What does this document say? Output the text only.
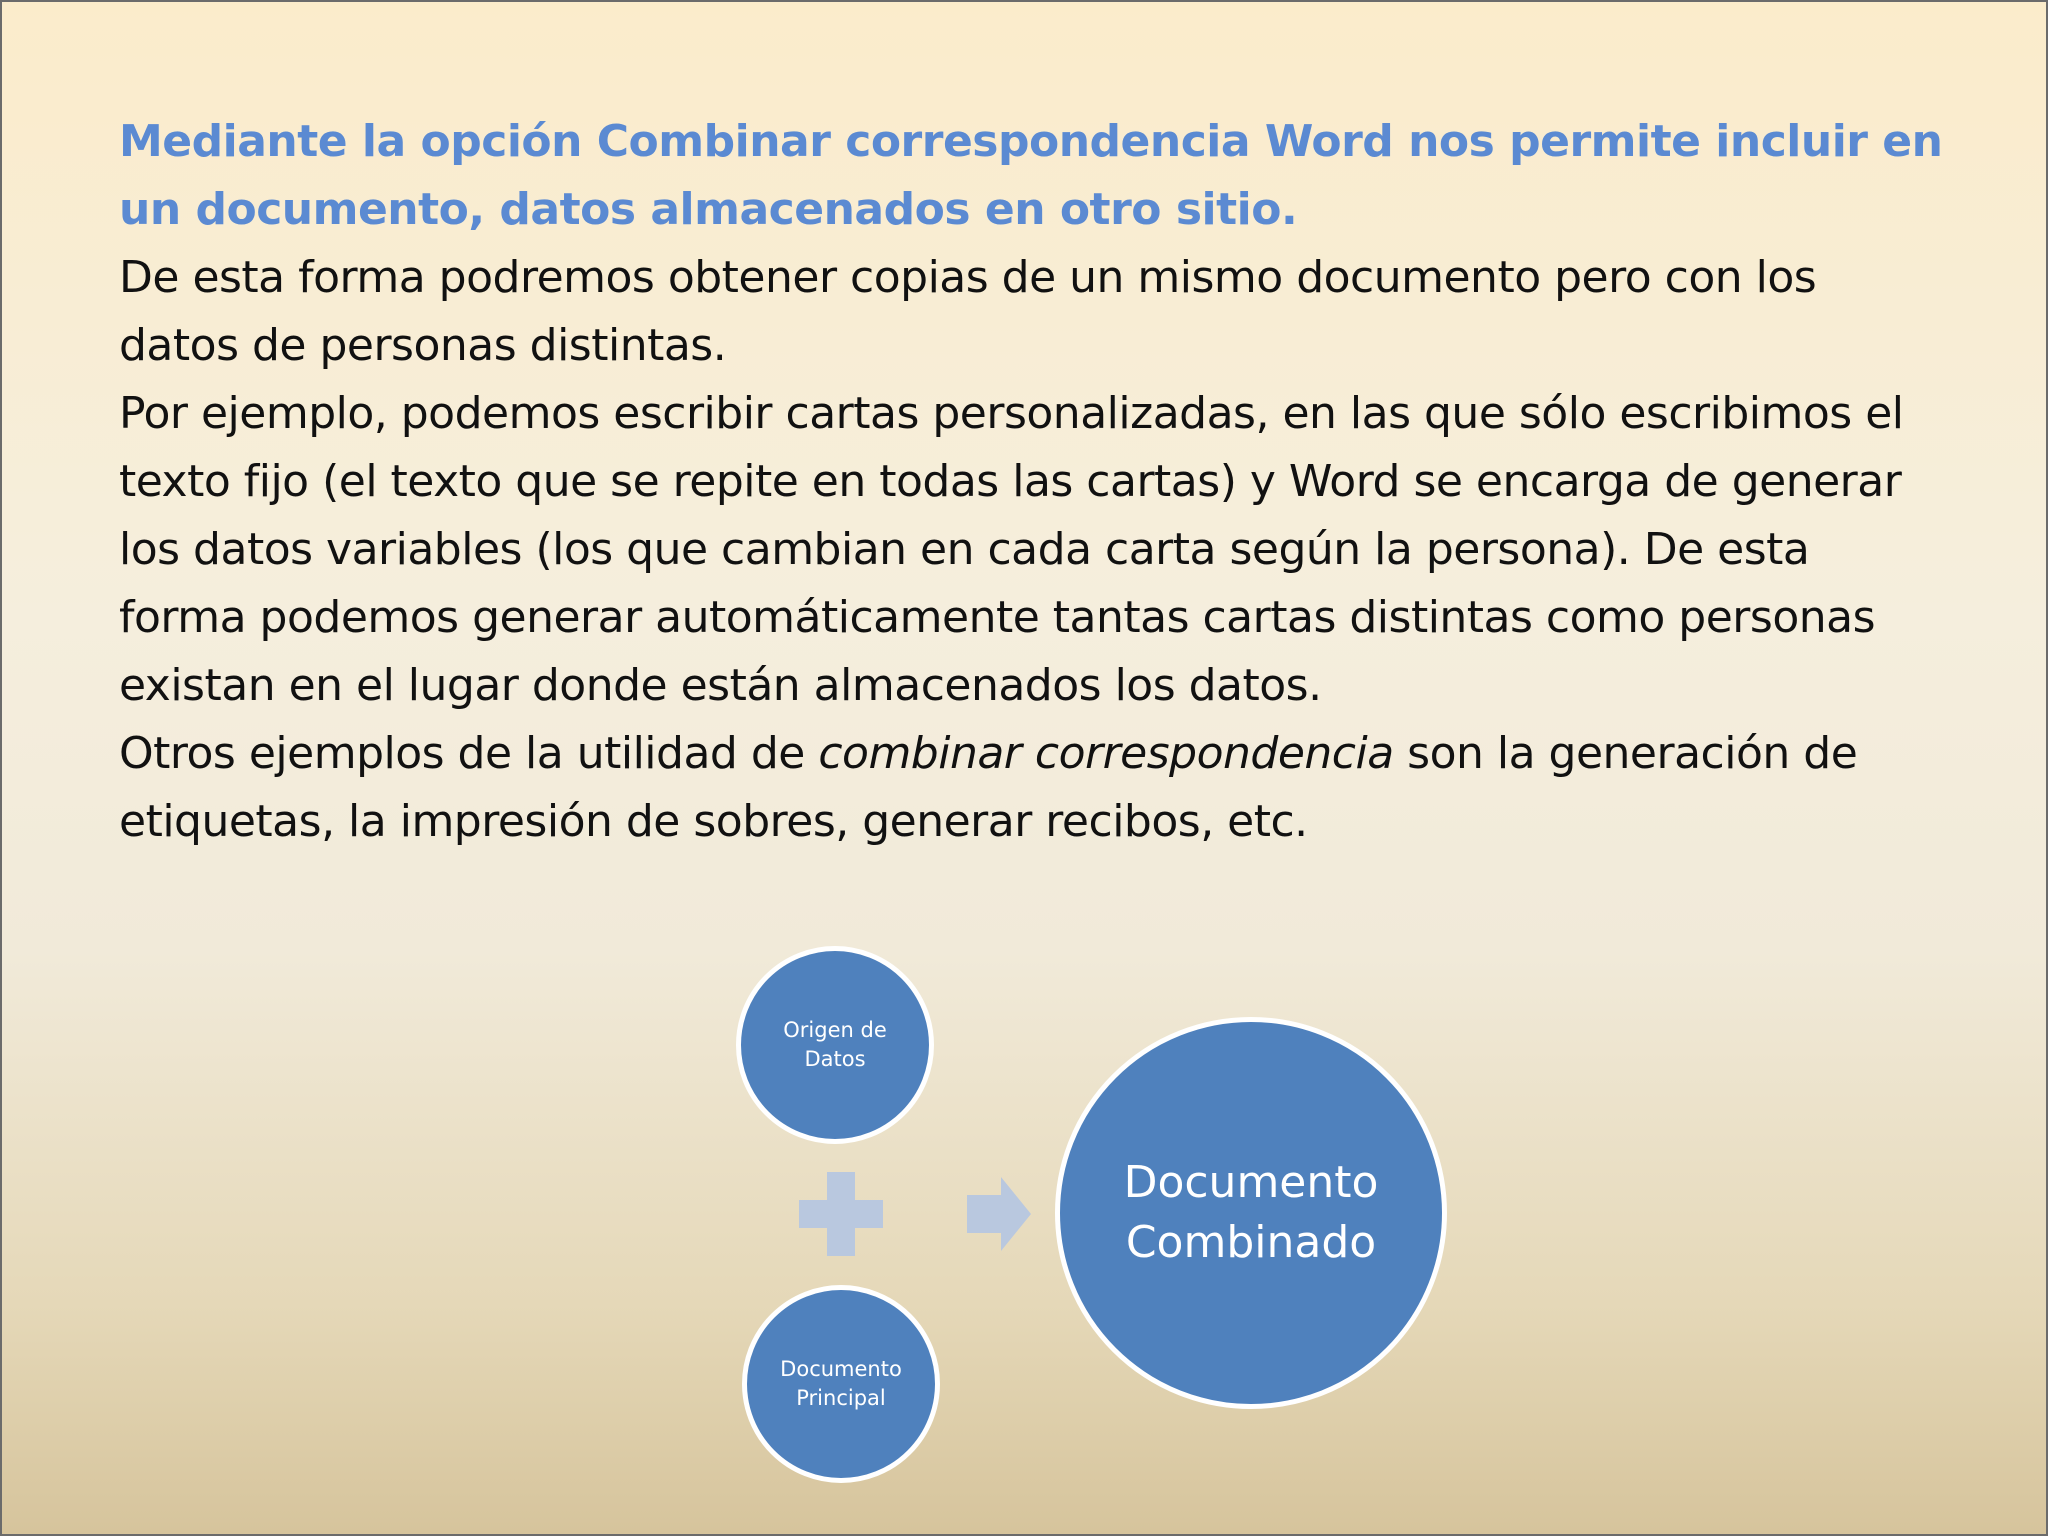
Mediante la opción Combinar correspondencia Word nos permite incluir en un documento, datos almacenados en otro sitio.

De esta forma podremos obtener copias de un mismo documento pero con los datos de personas distintas.

Por ejemplo, podemos escribir cartas personalizadas, en las que sólo escribimos el texto fijo (el texto que se repite en todas las cartas) y Word se encarga de generar los datos variables (los que cambian en cada carta según la persona). De esta forma podemos generar automáticamente tantas cartas distintas como personas existan en el lugar donde están almacenados los datos.

Otros ejemplos de la utilidad de combinar correspondencia son la generación de etiquetas, la impresión de sobres, generar recibos, etc.

Origen de
Datos
Documento
Principal
Documento
Combinado
